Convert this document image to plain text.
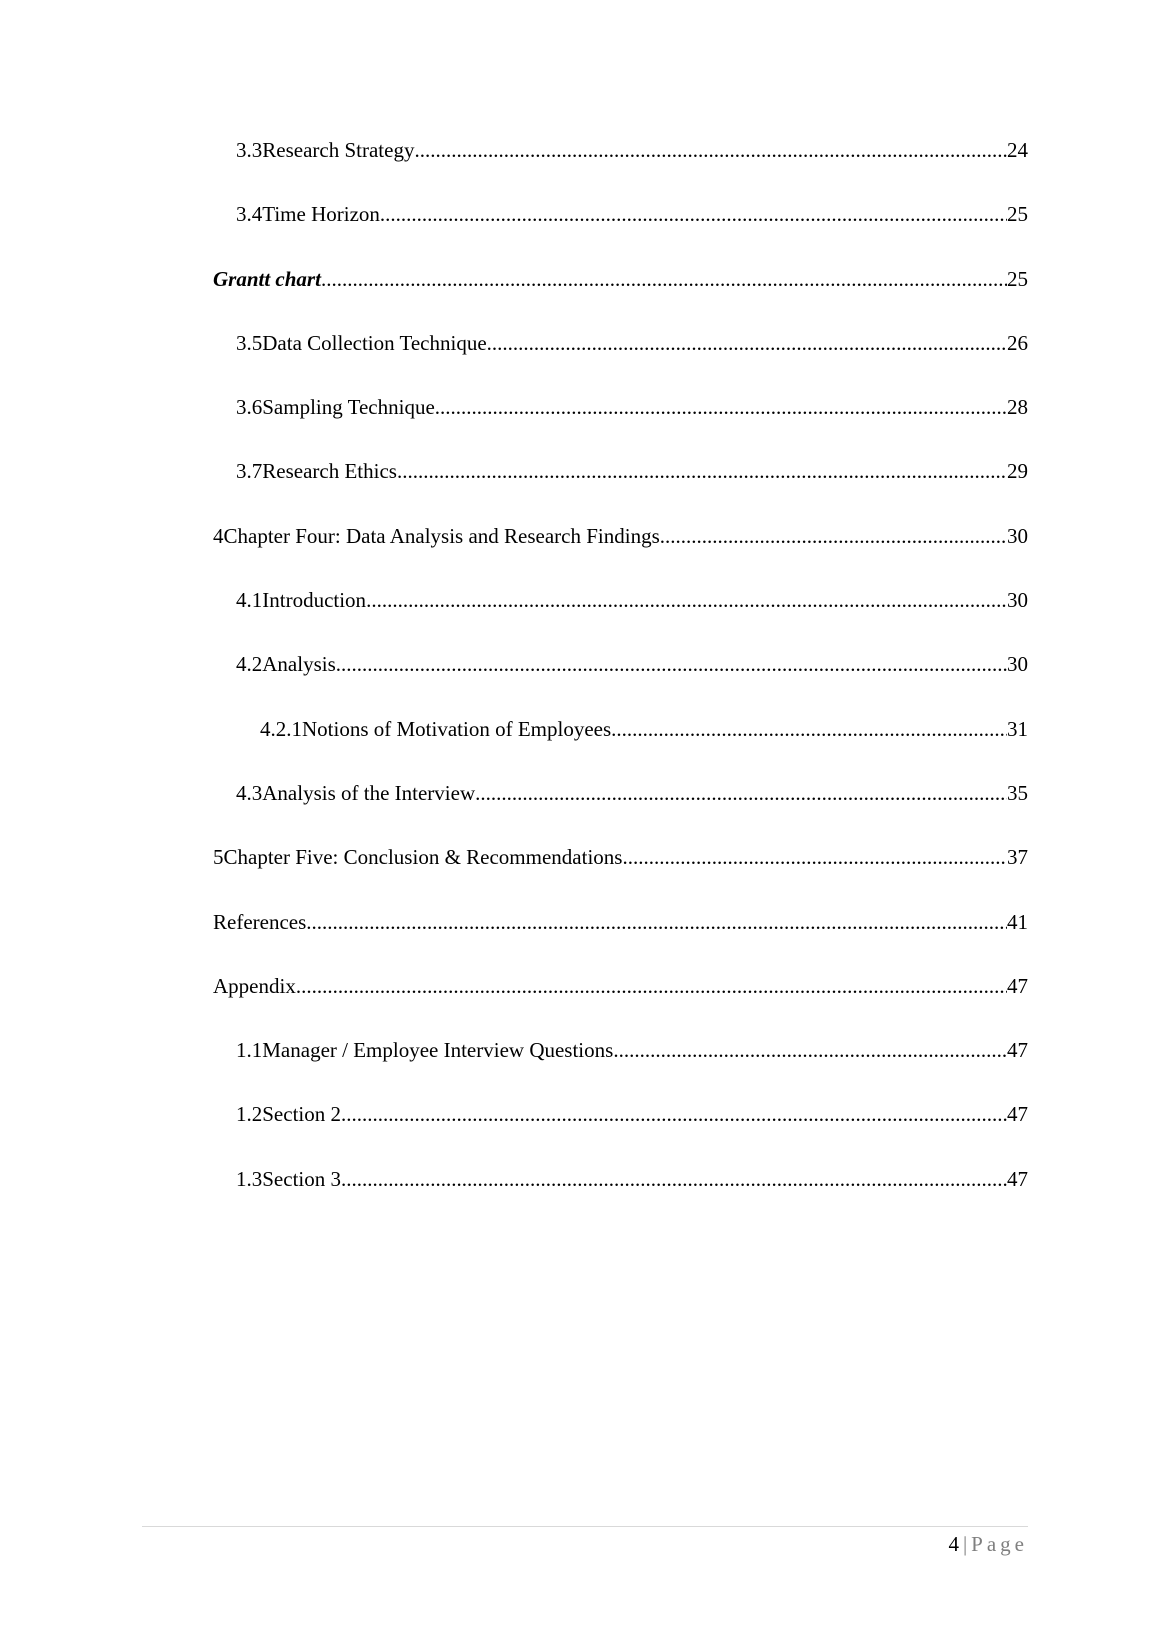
3.3 Research Strategy .....	24
3.4 Time Horizon .....	25
Grantt chart .....	25
3.5 Data Collection Technique .....	26
3.6 Sampling Technique .....	28
3.7 Research Ethics .....	29
4 Chapter Four: Data Analysis and Research Findings .....	30
4.1 Introduction .....	30
4.2 Analysis .....	30
4.2.1 Notions of Motivation of Employees .....	31
4.3 Analysis of the Interview .....	35
5 Chapter Five: Conclusion & Recommendations .....	37
References .....	41
Appendix .....	47
1.1 Manager / Employee Interview Questions .....	47
1.2 Section 2 .....	47
1.3 Section 3 .....	47
4 | Page
